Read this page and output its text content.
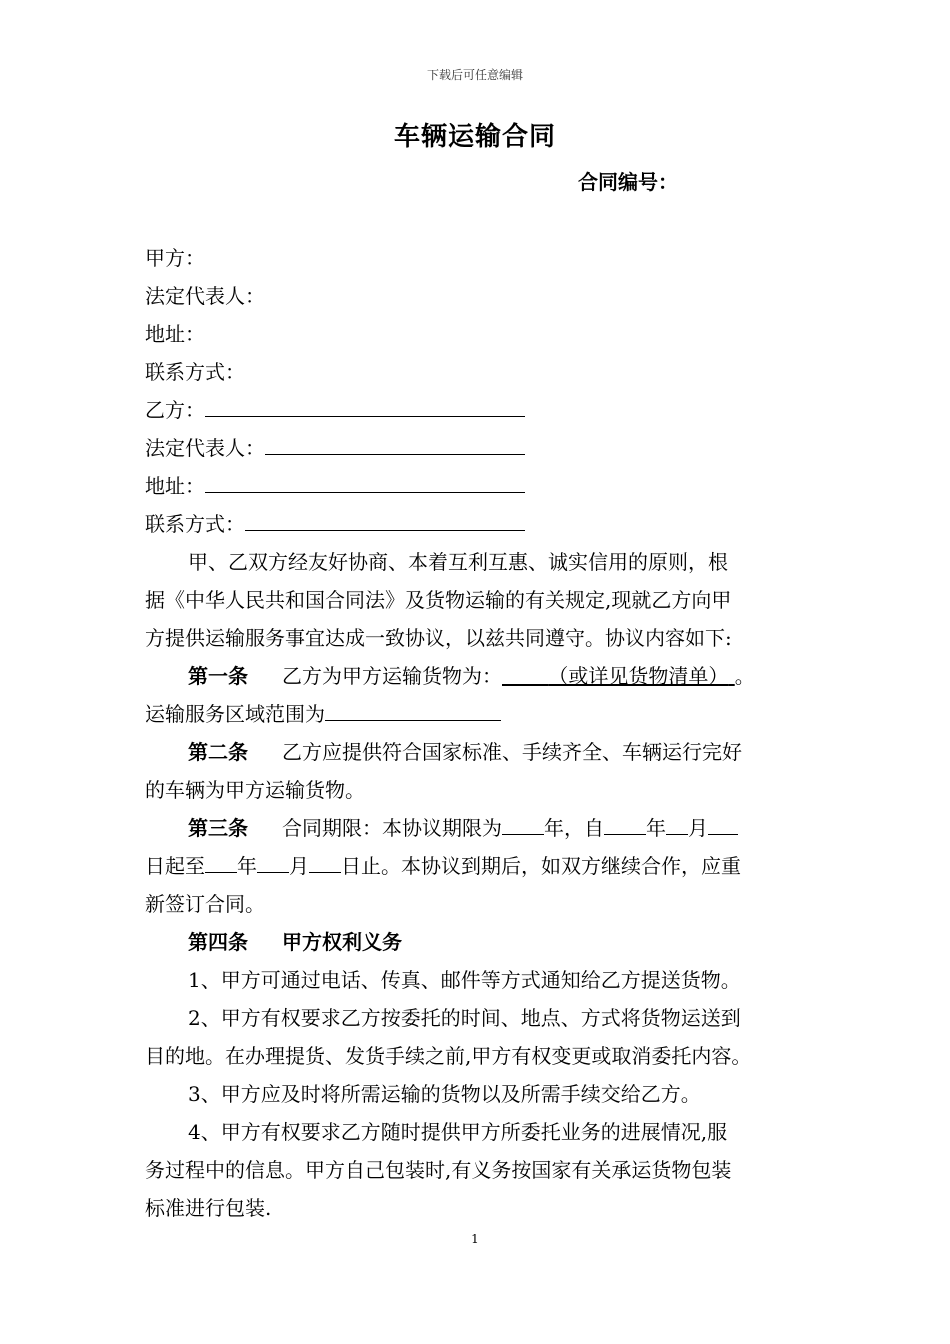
下载后可任意编辑
车辆运输合同
合同编号：
甲方：
法定代表人：
地址：
联系方式：
乙方：
法定代表人：
地址：
联系方式：
甲、乙双方经友好协商、本着互利互惠、诚实信用的原则，根
据《中华人民共和国合同法》及货物运输的有关规定,现就乙方向甲
方提供运输服务事宜达成一致协议，以兹共同遵守。协议内容如下:
第一条 乙方为甲方运输货物为：   （或详见货物清单） 。
运输服务区域范围为
第二条 乙方应提供符合国家标准、手续齐全、车辆运行完好
的车辆为甲方运输货物。
第三条 合同期限：本协议期限为 年，自 年 月
日起至 年 月 日止。本协议到期后，如双方继续合作，应重
新签订合同。
第四条 甲方权利义务
1、甲方可通过电话、传真、邮件等方式通知给乙方提送货物。
2、甲方有权要求乙方按委托的时间、地点、方式将货物运送到
目的地。在办理提货、发货手续之前,甲方有权变更或取消委托内容。
3、甲方应及时将所需运输的货物以及所需手续交给乙方。
4、甲方有权要求乙方随时提供甲方所委托业务的进展情况,服
务过程中的信息。甲方自己包装时,有义务按国家有关承运货物包装
标准进行包装.
1
